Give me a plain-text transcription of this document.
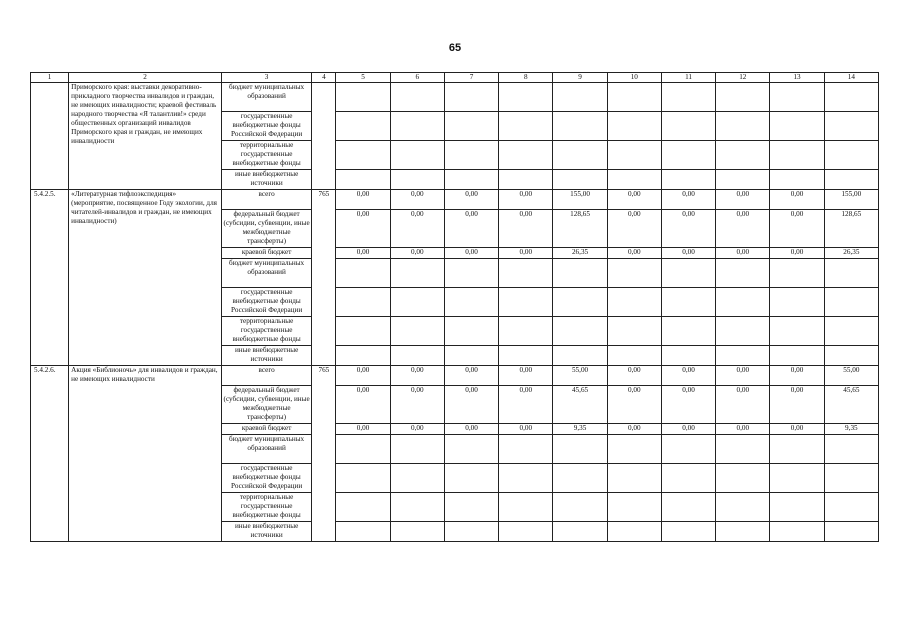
65
1	2	3	4	5	6	7	8	9	10	11	12	13	14
	Приморского края: выставки декоративно-прикладного творчества инвалидов и граждан, не имеющих инвалидности; краевой фестиваль народного творчества «Я талантлив!» среди общественных организаций инвалидов Приморского края и граждан, не имеющих инвалидности	бюджет муниципальных образований											
		государственные внебюджетные фонды Российской Федерации											
		территориальные государственные внебюджетные фонды											
		иные внебюджетные источники											
5.4.2.5.	«Литературная тифлоэкспедиция» (мероприятие, посвященное Году экологии, для читателей-инвалидов и граждан, не имеющих инвалидности)	всего	765	0,00	0,00	0,00	0,00	155,00	0,00	0,00	0,00	0,00	155,00
		федеральный бюджет (субсидии, субвенции, иные межбюджетные трансферты)		0,00	0,00	0,00	0,00	128,65	0,00	0,00	0,00	0,00	128,65
		краевой бюджет		0,00	0,00	0,00	0,00	26,35	0,00	0,00	0,00	0,00	26,35
		бюджет муниципальных образований											
		государственные внебюджетные фонды Российской Федерации											
		территориальные государственные внебюджетные фонды											
		иные внебюджетные источники											
5.4.2.6.	Акция «Библионочь» для инвалидов и граждан, не имеющих инвалидности	всего	765	0,00	0,00	0,00	0,00	55,00	0,00	0,00	0,00	0,00	55,00
		федеральный бюджет (субсидии, субвенции, иные межбюджетные трансферты)		0,00	0,00	0,00	0,00	45,65	0,00	0,00	0,00	0,00	45,65
		краевой бюджет		0,00	0,00	0,00	0,00	9,35	0,00	0,00	0,00	0,00	9,35
		бюджет муниципальных образований											
		государственные внебюджетные фонды Российской Федерации											
		территориальные государственные внебюджетные фонды											
		иные внебюджетные источники											
